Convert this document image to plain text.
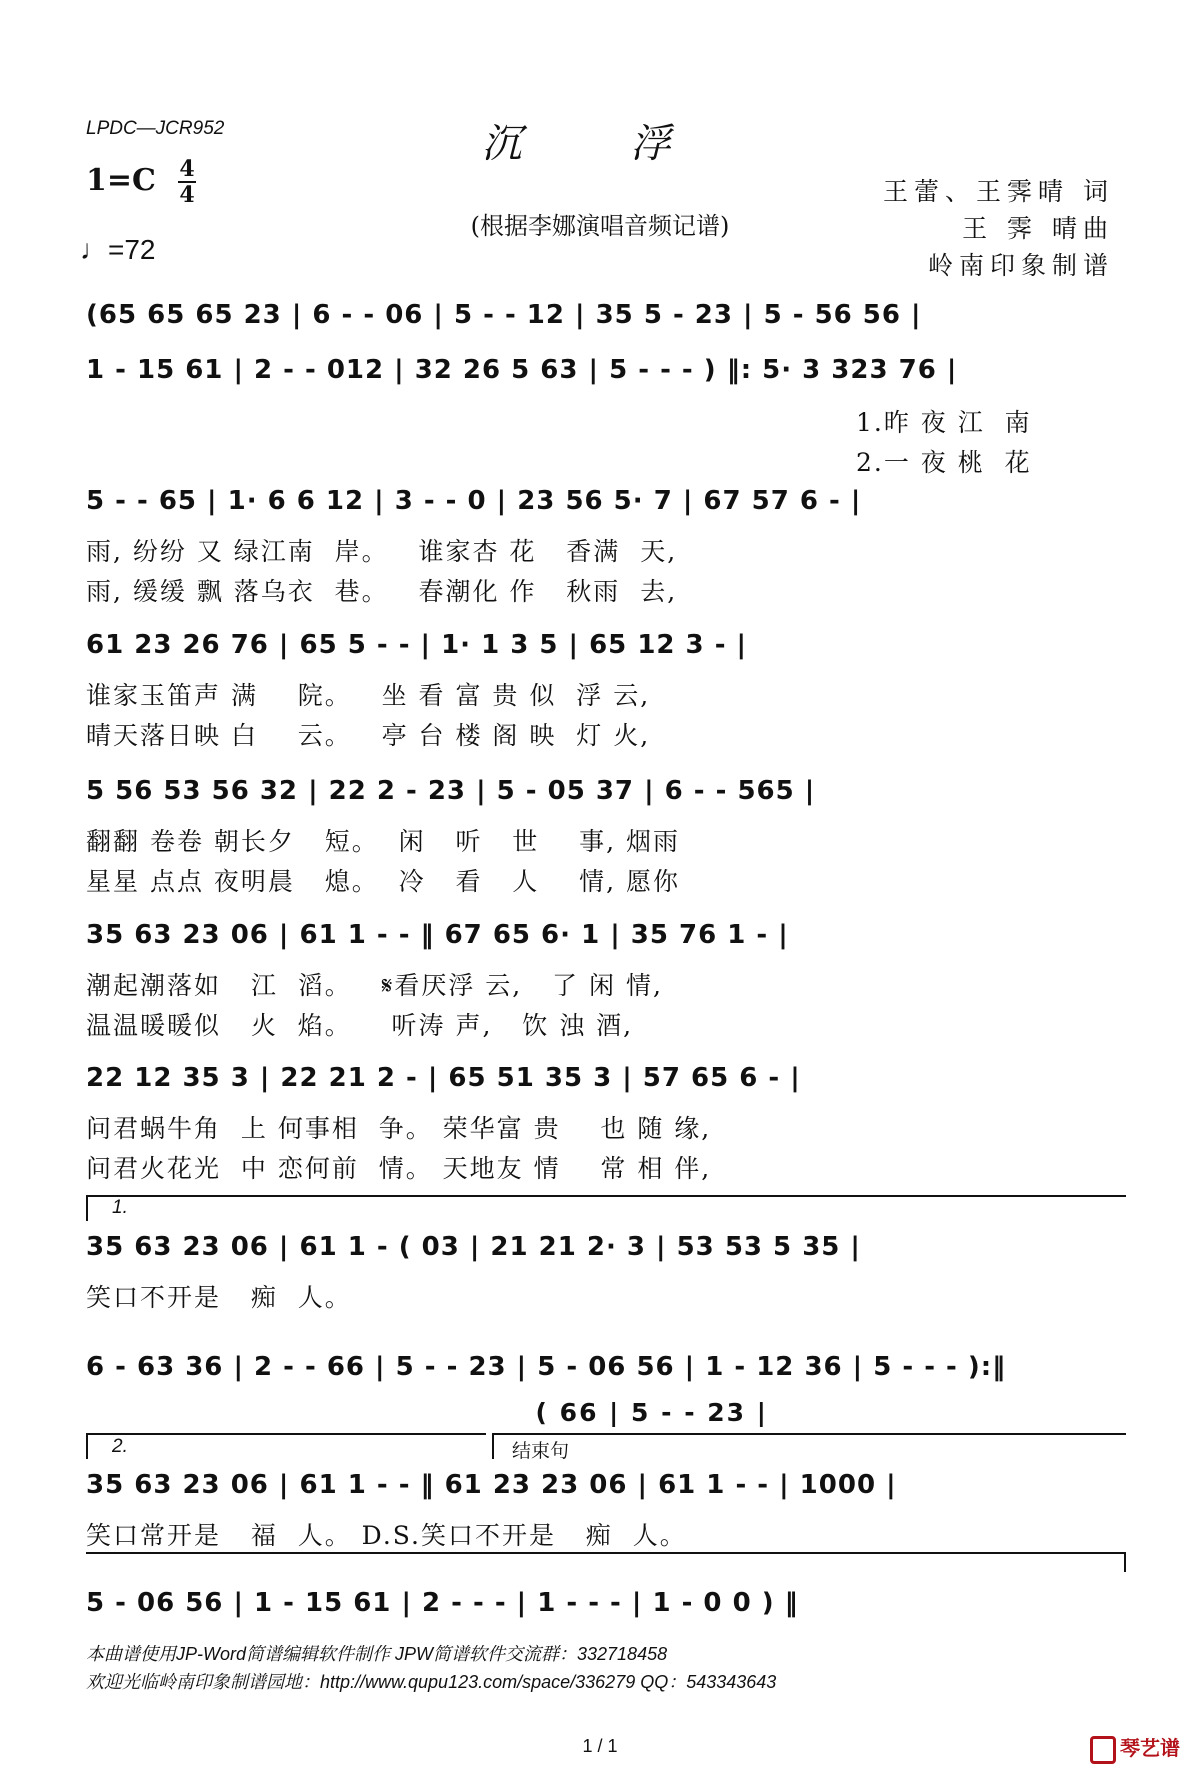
LPDC—JCR952	沉 浮
1=C 4
4
♩=72
(根据李娜演唱音频记谱)
王蕾、王霁晴 词
王 霁 晴曲
岭南印象制谱
(65 65 65 23 | 6 - - 06 | 5 - - 12 | 35 5 - 23 | 5 - 56 56 |
1 - 15 61 | 2 - - 012 | 32 26 5 63 | 5 - - - ) ‖: 5· 3 323 76 |
1.昨 夜 江  南
2.一 夜 桃  花
5 - - 65 | 1· 6 6 12 | 3 - - 0 | 23 56 5· 7 | 67 57 6 - |
雨, 纷纷 又 绿江南  岸。   谁家杏 花   香满  天,
雨, 缓缓 飘 落乌衣  巷。   春潮化 作   秋雨  去,
61 23 26 76 | 65 5 - - | 1· 1 3 5 | 65 12 3 - |
谁家玉笛声 满    院。   坐 看 富 贵 似  浮 云,
晴天落日映 白    云。   亭 台 楼 阁 映  灯 火,
5 56 53 56 32 | 22 2 - 23 | 5 - 05 37 | 6 - - 565 |
翻翻 卷卷 朝长夕   短。  闲   听   世    事, 烟雨
星星 点点 夜明晨   熄。  冷   看   人    情, 愿你
35 63 23 06 | 61 1 - - ‖ 67 65 6· 1 | 35 76 1 - |
潮起潮落如   江  滔。   𝄋看厌浮 云,   了 闲 情,
温温暖暖似   火  焰。    听涛 声,   饮 浊 酒,
22 12 35 3 | 22 21 2 - | 65 51 35 3 | 57 65 6 - |
问君蜗牛角  上 何事相  争。 荣华富 贵    也 随 缘,
问君火花光  中 恋何前  情。 天地友 情    常 相 伴,
1.
35 63 23 06 | 61 1 - ( 03 | 21 21 2· 3 | 53 53 5 35 |
笑口不开是   痴  人。
6 - 63 36 | 2 - - 66 | 5 - - 23 | 5 - 06 56 | 1 - 12 36 | 5 - - - ):‖
( 66 | 5 - - 23 |
2.	结束句
35 63 23 06 | 61 1 - - ‖ 61 23 23 06 | 61 1 - - | 1000 |
笑口常开是   福  人。 D.S.笑口不开是   痴  人。
5 - 06 56 | 1 - 15 61 | 2 - - - | 1 - - - | 1 - 0 0 ) ‖
本曲谱使用JP-Word简谱编辑软件制作 JPW简谱软件交流群：332718458
欢迎光临岭南印象制谱园地：http://www.qupu123.com/space/336279 QQ：543343643
1 / 1	琴艺谱
